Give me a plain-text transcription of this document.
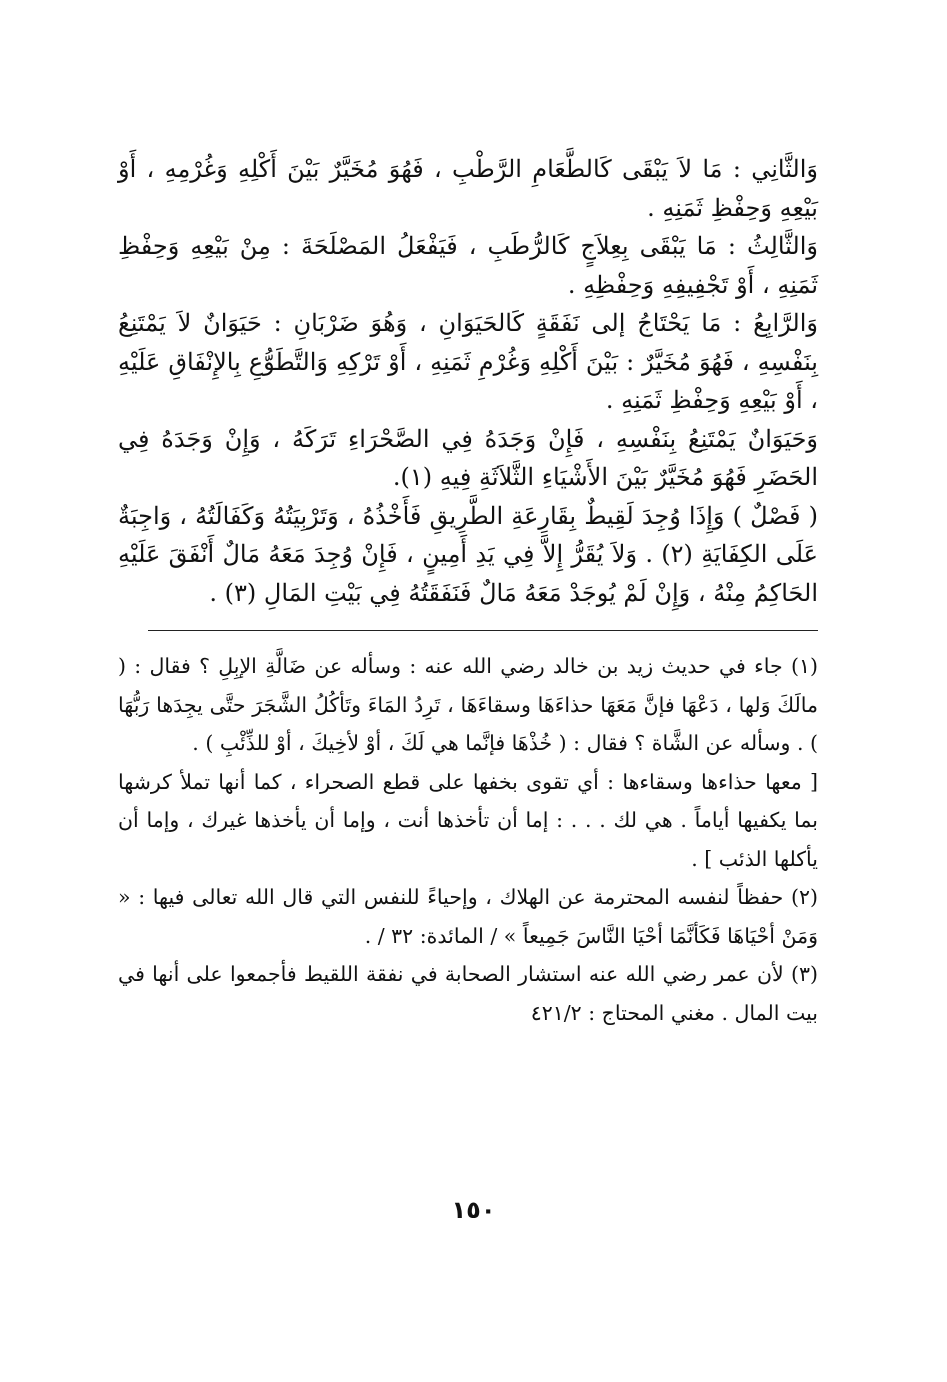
وَالثَّانِي : مَا لاَ يَبْقَى كَالطَّعَامِ الرَّطْبِ ، فَهُوَ مُخَيَّرٌ بَيْنَ أَكْلِهِ وَغُرْمِهِ ، أَوْ بَيْعِهِ وَحِفْظِ ثَمَنِهِ .

وَالثَّالِثُ : مَا يَبْقَى بِعِلاَجٍ كَالرُّطَبِ ، فَيَفْعَلُ المَصْلَحَةَ : مِنْ بَيْعِهِ وَحِفْظِ ثَمَنِهِ ، أَوْ تَجْفِيفِهِ وَحِفْظِهِ .

وَالرَّابِعُ : مَا يَحْتَاجُ إلى نَفَقَةٍ كَالحَيَوَانِ ، وَهُوَ ضَرْبَانِ : حَيَوَانٌ لاَ يَمْتَنِعُ بِنَفْسِهِ ، فَهُوَ مُخَيَّرٌ : بَيْنَ أَكْلِهِ وَغُرْمِ ثَمَنِهِ ، أَوْ تَرْكِهِ وَالتَّطَوُّعِ بِالإِنْفَاقِ عَلَيْهِ ، أَوْ بَيْعِهِ وَحِفْظِ ثَمَنِهِ .

وَحَيَوَانٌ يَمْتَنِعُ بِنَفْسِهِ ، فَإِنْ وَجَدَهُ فِي الصَّحْرَاءِ تَرَكَهُ ، وَإِنْ وَجَدَهُ فِي الحَضَرِ فَهُوَ مُخَيَّرٌ بَيْنَ الأَشْيَاءِ الثَّلاَثَةِ فِيهِ (١).

( فَصْلٌ ) وَإِذَا وُجِدَ لَقِيطٌ بِقَارِعَةِ الطَّرِيقِ فَأَخْذُهُ ، وَتَرْبِيَتُهُ وَكَفَالَتُهُ ، وَاجِبَةٌ عَلَى الكِفَايَةِ (٢) . وَلاَ يُقَرُّ إِلاَّ فِي يَدِ أَمِينٍ ، فَإِنْ وُجِدَ مَعَهُ مَالٌ أَنْفَقَ عَلَيْهِ الحَاكِمُ مِنْهُ ، وَإِنْ لَمْ يُوجَدْ مَعَهُ مَالٌ فَنَفَقَتُهُ فِي بَيْتِ المَالِ (٣) .

(١) جاء في حديث زيد بن خالد رضي الله عنه : وسأله عن ضَالَّةِ الإبِلِ ؟ فقال : ( مالَكَ وَلها ، دَعْهَا فإنَّ مَعَهَا حذاءَهَا وسقاءَهَا ، تَرِدُ المَاءَ وتَأكُلُ الشَّجَرَ حتَّى يجِدَها رَبُّهَا ) . وسأله عن الشَّاة ؟ فقال : ( خُذْهَا فإنَّما هي لَكَ ، أوْ لأخِيكَ ، أوْ للذِّئْبِ ) .

[ معها حذاءها وسقاءها : أي تقوى بخفها على قطع الصحراء ، كما أنها تملأ كرشها بما يكفيها أياماً . هي لك . . . : إما أن تأخذها أنت ، وإما أن يأخذها غيرك ، وإما أن يأكلها الذئب ] .

(٢) حفظاً لنفسه المحترمة عن الهلاك ، وإحياءً للنفس التي قال الله تعالى فيها : « وَمَنْ أحْيَاهَا فَكَأنَّمَا أحْيَا النَّاسَ جَمِيعاً » / المائدة: ٣٢ / .

(٣) لأن عمر رضي الله عنه استشار الصحابة في نفقة اللقيط فأجمعوا على أنها في بيت المال . مغني المحتاج : ٤٢١/٢

١٥٠
